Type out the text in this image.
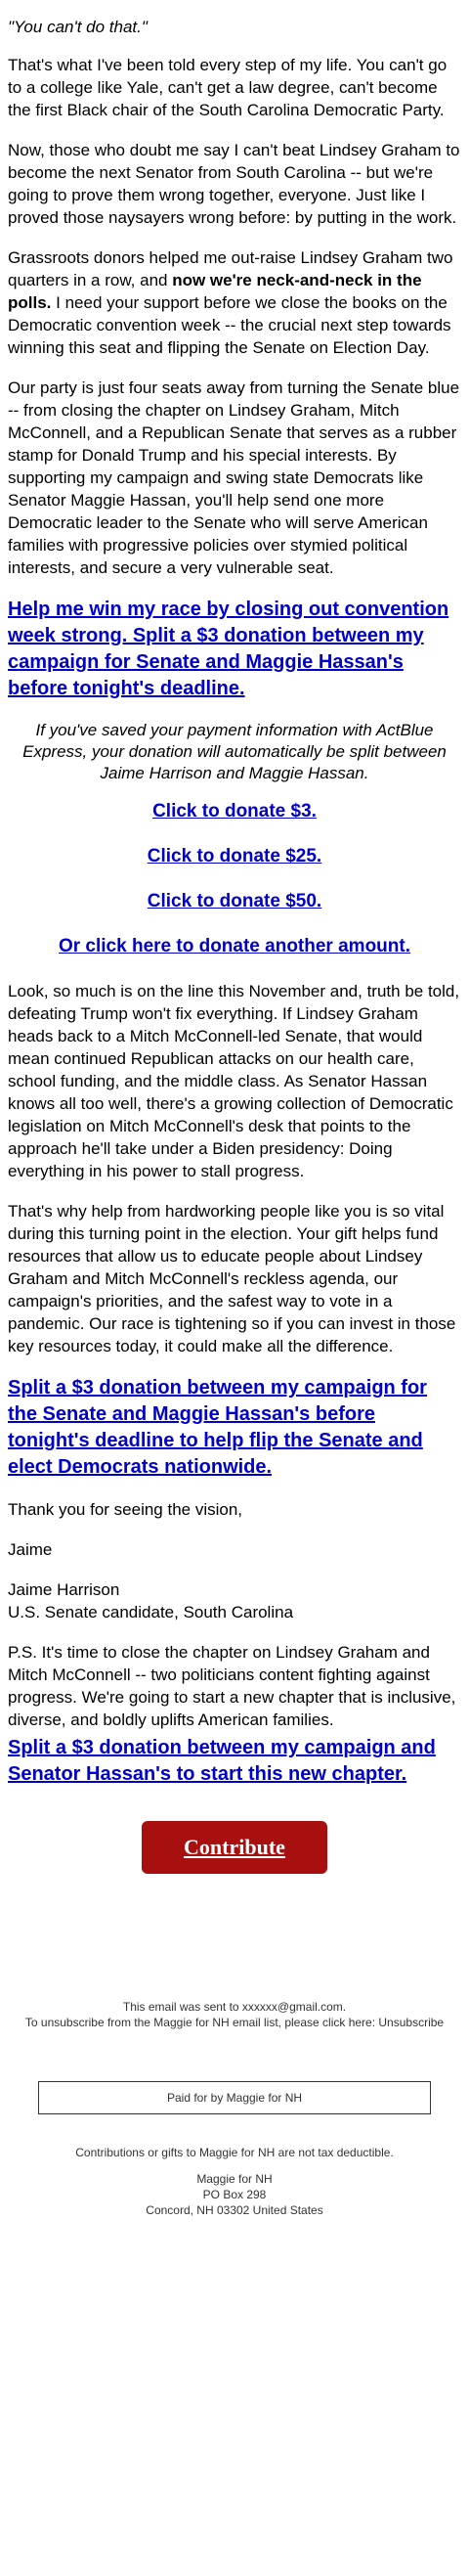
"You can't do that."

That's what I've been told every step of my life. You can't go to a college like Yale, can't get a law degree, can't become the first Black chair of the South Carolina Democratic Party.

Now, those who doubt me say I can't beat Lindsey Graham to become the next Senator from South Carolina -- but we're going to prove them wrong together, everyone. Just like I proved those naysayers wrong before: by putting in the work.

Grassroots donors helped me out-raise Lindsey Graham two quarters in a row, and now we're neck-and-neck in the polls. I need your support before we close the books on the Democratic convention week -- the crucial next step towards winning this seat and flipping the Senate on Election Day.

Our party is just four seats away from turning the Senate blue -- from closing the chapter on Lindsey Graham, Mitch McConnell, and a Republican Senate that serves as a rubber stamp for Donald Trump and his special interests. By supporting my campaign and swing state Democrats like Senator Maggie Hassan, you'll help send one more Democratic leader to the Senate who will serve American families with progressive policies over stymied political interests, and secure a very vulnerable seat.

Help me win my race by closing out convention week strong. Split a $3 donation between my campaign for Senate and Maggie Hassan's before tonight's deadline.

If you've saved your payment information with ActBlue Express, your donation will automatically be split between Jaime Harrison and Maggie Hassan.

Click to donate $3.
Click to donate $25.
Click to donate $50.
Or click here to donate another amount.

Look, so much is on the line this November and, truth be told, defeating Trump won't fix everything. If Lindsey Graham heads back to a Mitch McConnell-led Senate, that would mean continued Republican attacks on our health care, school funding, and the middle class. As Senator Hassan knows all too well, there's a growing collection of Democratic legislation on Mitch McConnell's desk that points to the approach he'll take under a Biden presidency: Doing everything in his power to stall progress.

That's why help from hardworking people like you is so vital during this turning point in the election. Your gift helps fund resources that allow us to educate people about Lindsey Graham and Mitch McConnell's reckless agenda, our campaign's priorities, and the safest way to vote in a pandemic. Our race is tightening so if you can invest in those key resources today, it could make all the difference.

Split a $3 donation between my campaign for the Senate and Maggie Hassan's before tonight's deadline to help flip the Senate and elect Democrats nationwide.

Thank you for seeing the vision,

Jaime

Jaime Harrison
U.S. Senate candidate, South Carolina

P.S. It's time to close the chapter on Lindsey Graham and Mitch McConnell -- two politicians content fighting against progress. We're going to start a new chapter that is inclusive, diverse, and boldly uplifts American families.

Split a $3 donation between my campaign and Senator Hassan's to start this new chapter.
Contribute
This email was sent to xxxxxx@gmail.com.
To unsubscribe from the Maggie for NH email list, please click here: Unsubscribe
Paid for by Maggie for NH
Contributions or gifts to Maggie for NH are not tax deductible.
Maggie for NH
PO Box 298
Concord, NH 03302 United States
